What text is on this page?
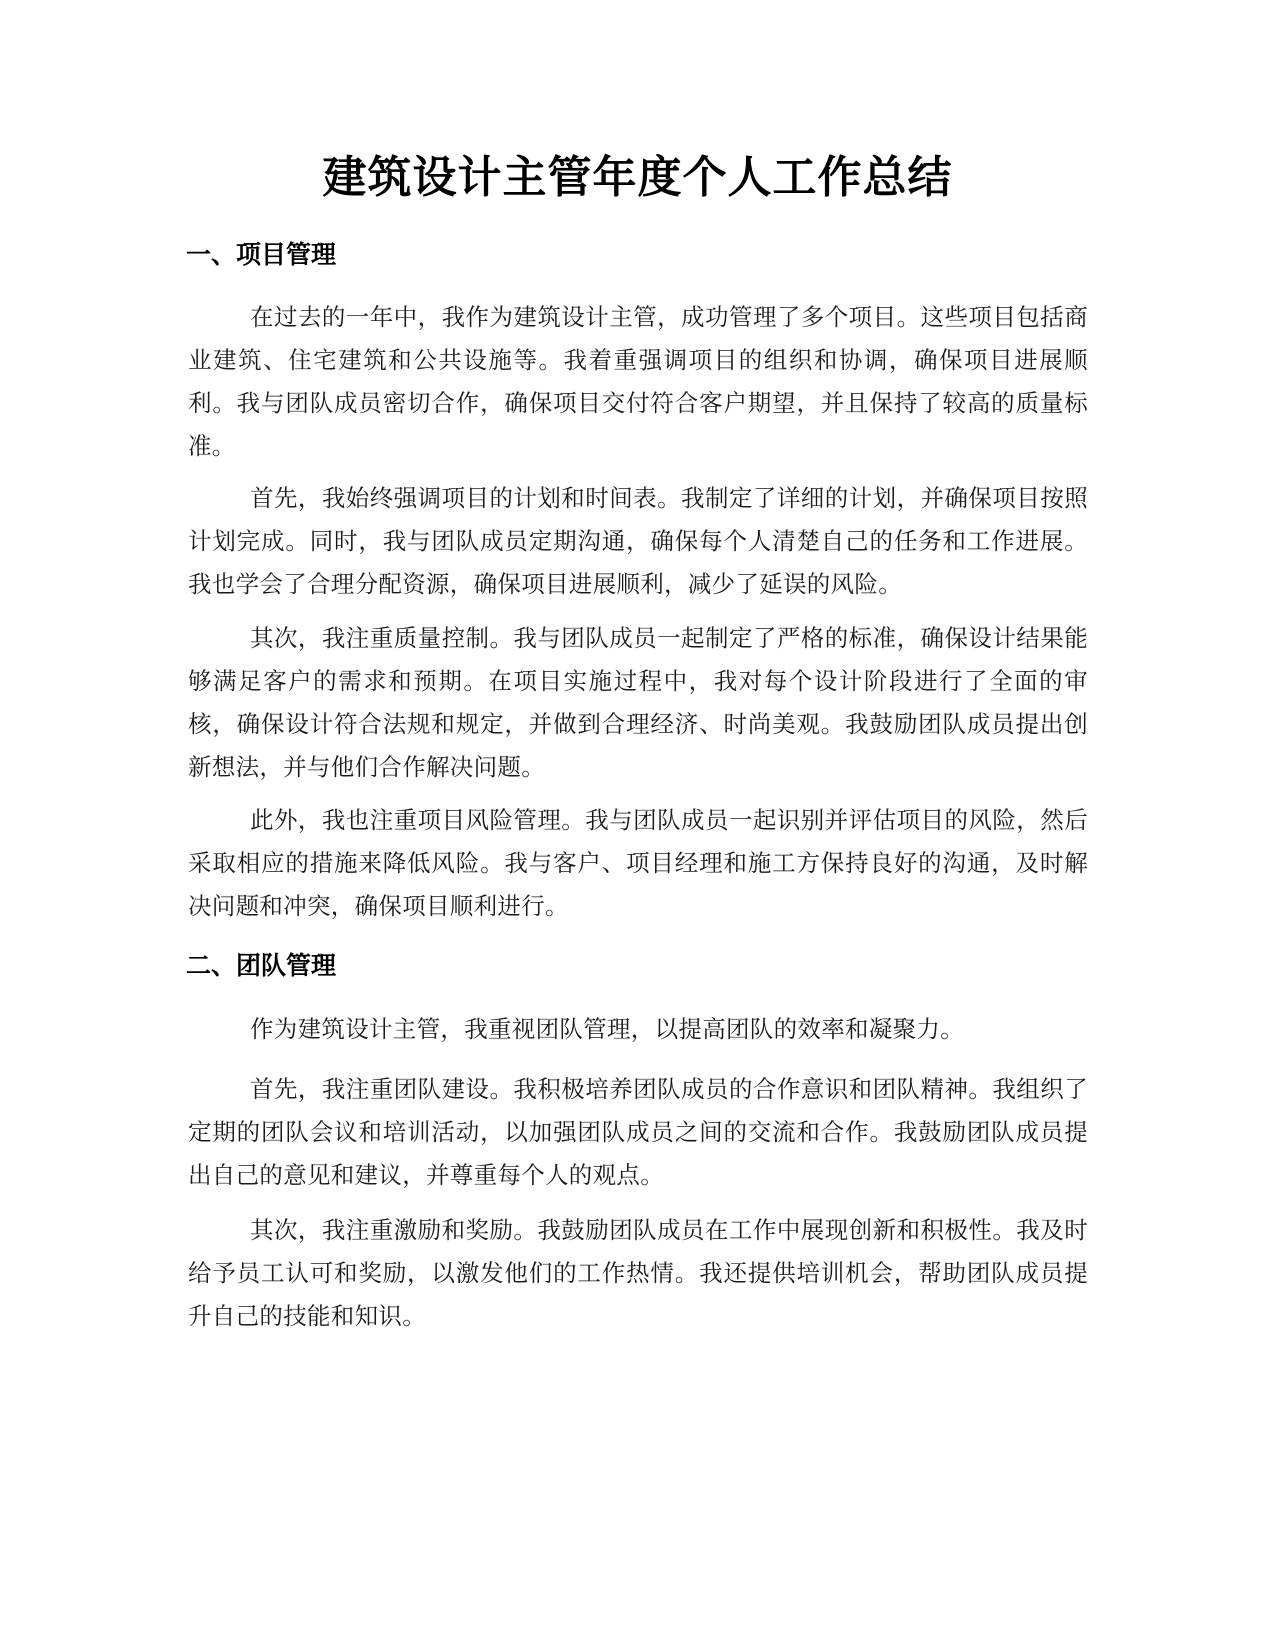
建筑设计主管年度个人工作总结
一、项目管理

在过去的一年中，我作为建筑设计主管，成功管理了多个项目。这些项目包括商业建筑、住宅建筑和公共设施等。我着重强调项目的组织和协调，确保项目进展顺利。我与团队成员密切合作，确保项目交付符合客户期望，并且保持了较高的质量标准。

首先，我始终强调项目的计划和时间表。我制定了详细的计划，并确保项目按照计划完成。同时，我与团队成员定期沟通，确保每个人清楚自己的任务和工作进展。我也学会了合理分配资源，确保项目进展顺利，减少了延误的风险。

其次，我注重质量控制。我与团队成员一起制定了严格的标准，确保设计结果能够满足客户的需求和预期。在项目实施过程中，我对每个设计阶段进行了全面的审核，确保设计符合法规和规定，并做到合理经济、时尚美观。我鼓励团队成员提出创新想法，并与他们合作解决问题。

此外，我也注重项目风险管理。我与团队成员一起识别并评估项目的风险，然后采取相应的措施来降低风险。我与客户、项目经理和施工方保持良好的沟通，及时解决问题和冲突，确保项目顺利进行。

二、团队管理

作为建筑设计主管，我重视团队管理，以提高团队的效率和凝聚力。

首先，我注重团队建设。我积极培养团队成员的合作意识和团队精神。我组织了定期的团队会议和培训活动，以加强团队成员之间的交流和合作。我鼓励团队成员提出自己的意见和建议，并尊重每个人的观点。

其次，我注重激励和奖励。我鼓励团队成员在工作中展现创新和积极性。我及时给予员工认可和奖励，以激发他们的工作热情。我还提供培训机会，帮助团队成员提升自己的技能和知识。
